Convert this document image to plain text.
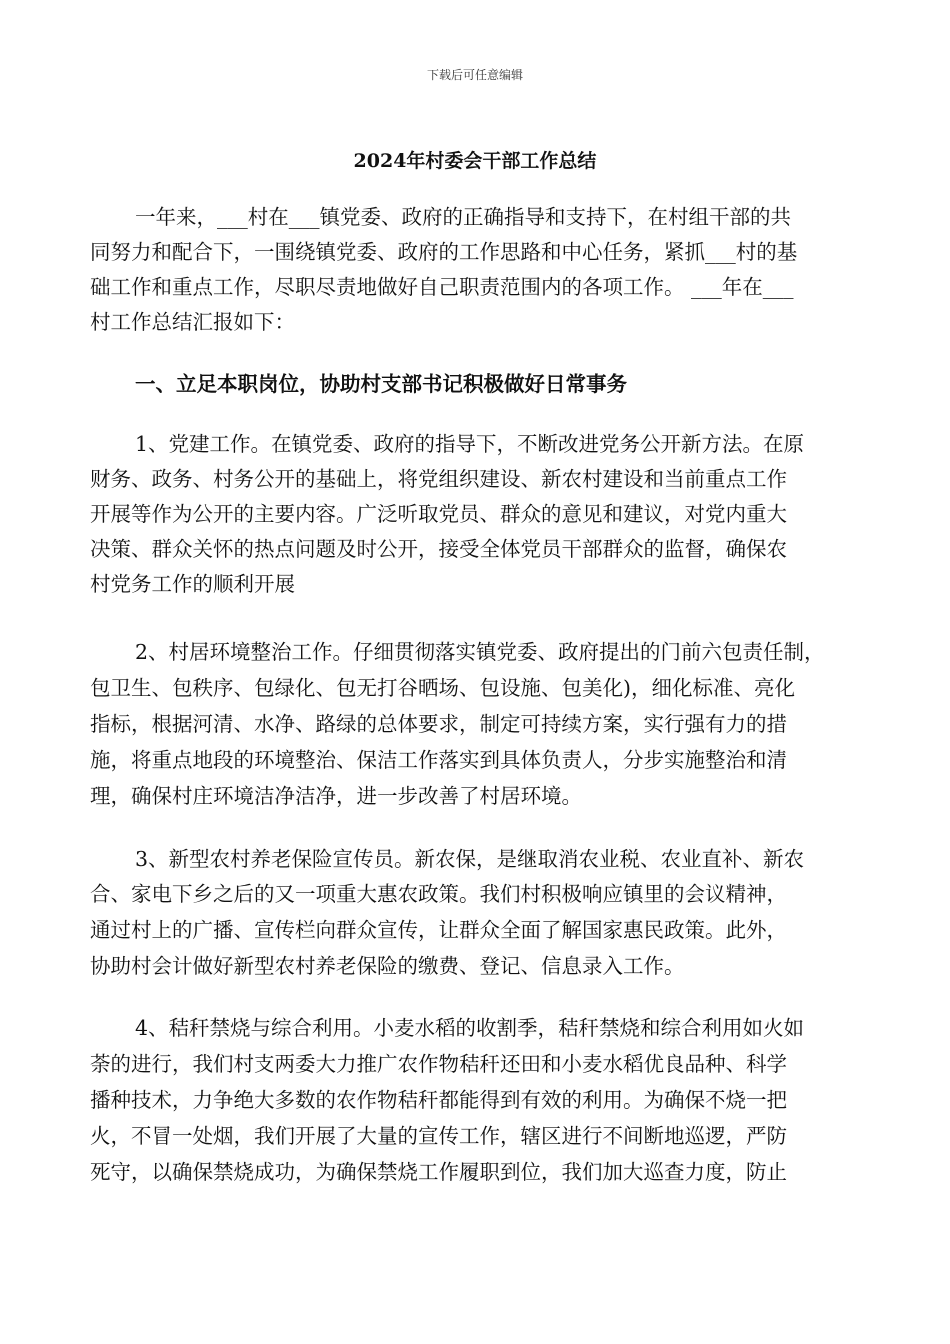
下载后可任意编辑
2024年村委会干部工作总结
一年来，___村在___镇党委、政府的正确指导和支持下，在村组干部的共
同努力和配合下，一围绕镇党委、政府的工作思路和中心任务，紧抓___村的基
础工作和重点工作，尽职尽责地做好自己职责范围内的各项工作。 ___年在___
村工作总结汇报如下：
一、立足本职岗位，协助村支部书记积极做好日常事务
1、党建工作。在镇党委、政府的指导下，不断改进党务公开新方法。在原
财务、政务、村务公开的基础上，将党组织建设、新农村建设和当前重点工作
开展等作为公开的主要内容。广泛听取党员、群众的意见和建议，对党内重大
决策、群众关怀的热点问题及时公开，接受全体党员干部群众的监督，确保农
村党务工作的顺利开展
2、村居环境整治工作。仔细贯彻落实镇党委、政府提出的门前六包责任制，
包卫生、包秩序、包绿化、包无打谷晒场、包设施、包美化)，细化标准、亮化
指标，根据河清、水净、路绿的总体要求，制定可持续方案，实行强有力的措
施，将重点地段的环境整治、保洁工作落实到具体负责人，分步实施整治和清
理，确保村庄环境洁净洁净，进一步改善了村居环境。
3、新型农村养老保险宣传员。新农保，是继取消农业税、农业直补、新农
合、家电下乡之后的又一项重大惠农政策。我们村积极响应镇里的会议精神，
通过村上的广播、宣传栏向群众宣传，让群众全面了解国家惠民政策。此外，
协助村会计做好新型农村养老保险的缴费、登记、信息录入工作。
4、秸秆禁烧与综合利用。小麦水稻的收割季，秸秆禁烧和综合利用如火如
荼的进行，我们村支两委大力推广农作物秸秆还田和小麦水稻优良品种、科学
播种技术，力争绝大多数的农作物秸秆都能得到有效的利用。为确保不烧一把
火，不冒一处烟，我们开展了大量的宣传工作，辖区进行不间断地巡逻，严防
死守，以确保禁烧成功，为确保禁烧工作履职到位，我们加大巡查力度，防止
